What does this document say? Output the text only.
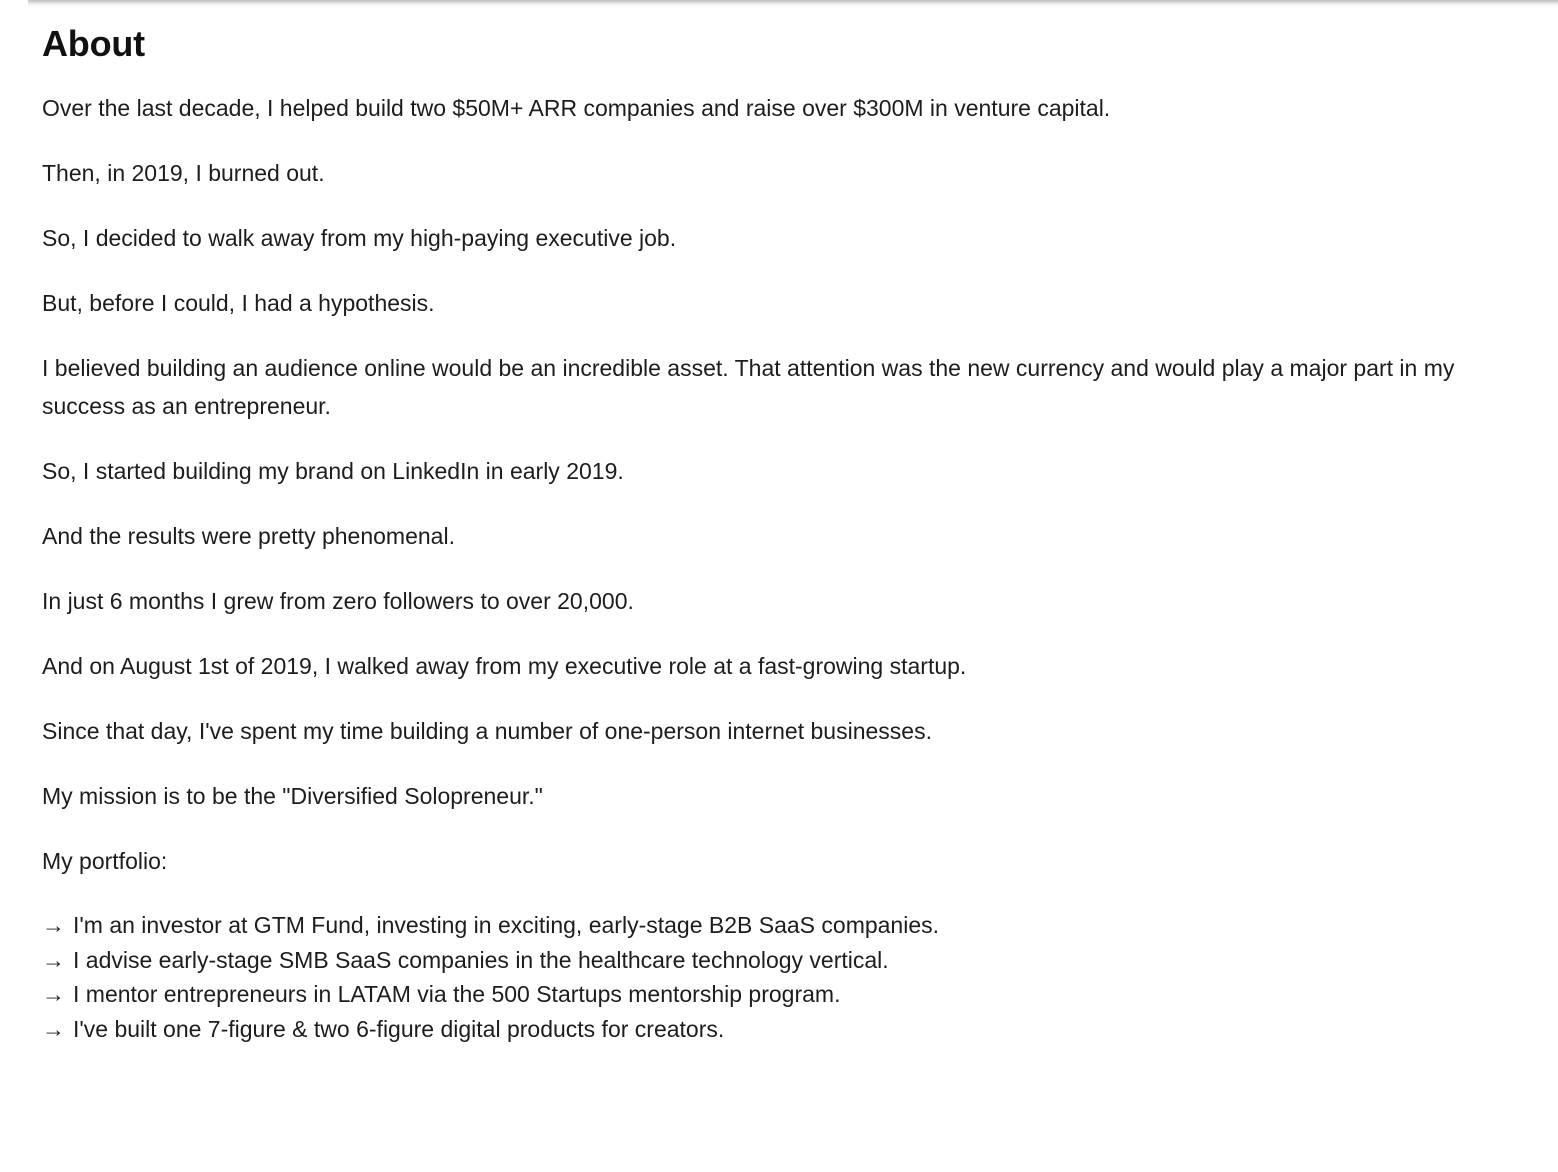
About

Over the last decade, I helped build two $50M+ ARR companies and raise over $300M in venture capital.

Then, in 2019, I burned out.

So, I decided to walk away from my high-paying executive job.

But, before I could, I had a hypothesis.

I believed building an audience online would be an incredible asset. That attention was the new currency and would play a major part in my success as an entrepreneur.

So, I started building my brand on LinkedIn in early 2019.

And the results were pretty phenomenal.

In just 6 months I grew from zero followers to over 20,000.

And on August 1st of 2019, I walked away from my executive role at a fast-growing startup.

Since that day, I've spent my time building a number of one-person internet businesses.

My mission is to be the "Diversified Solopreneur."

My portfolio:

→ I'm an investor at GTM Fund, investing in exciting, early-stage B2B SaaS companies.
→ I advise early-stage SMB SaaS companies in the healthcare technology vertical.
→ I mentor entrepreneurs in LATAM via the 500 Startups mentorship program.
→ I've built one 7-figure & two 6-figure digital products for creators.
